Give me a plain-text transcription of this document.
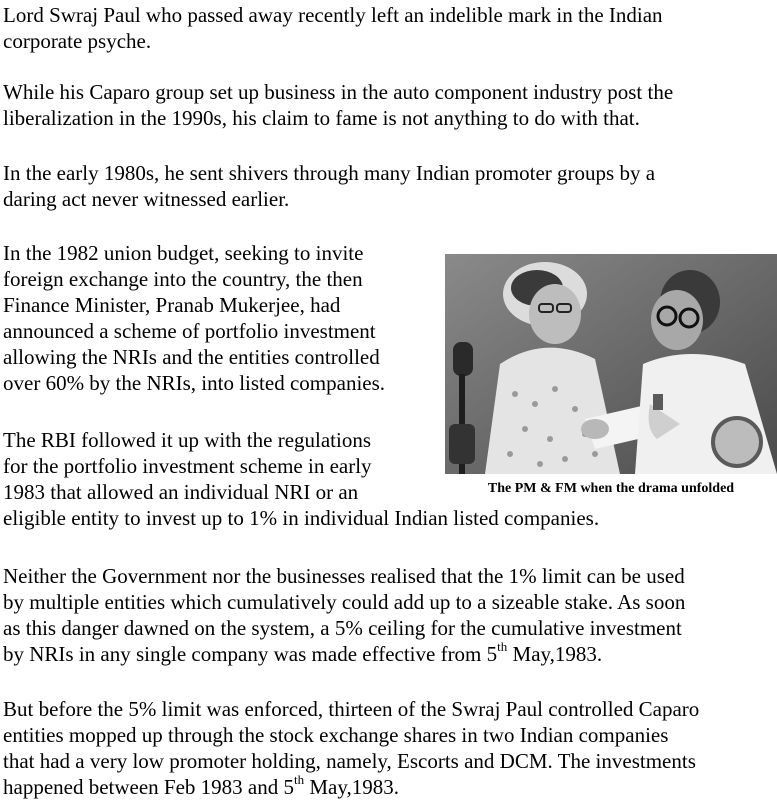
Lord Swraj Paul who passed away recently left an indelible mark in the Indian
corporate psyche.

While his Caparo group set up business in the auto component industry post the
liberalization in the 1990s, his claim to fame is not anything to do with that.

In the early 1980s, he sent shivers through many Indian promoter groups by a
daring act never witnessed earlier.

In the 1982 union budget, seeking to invite
foreign exchange into the country, the then
Finance Minister, Pranab Mukerjee, had
announced a scheme of portfolio investment
allowing the NRIs and the entities controlled
over 60% by the NRIs, into listed companies.

The RBI followed it up with the regulations
for the portfolio investment scheme in early
1983 that allowed an individual NRI or an
eligible entity to invest up to 1% in individual Indian listed companies.

Neither the Government nor the businesses realised that the 1% limit can be used
by multiple entities which cumulatively could add up to a sizeable stake. As soon
as this danger dawned on the system, a 5% ceiling for the cumulative investment
by NRIs in any single company was made effective from 5th May,1983.

But before the 5% limit was enforced, thirteen of the Swraj Paul controlled Caparo
entities mopped up through the stock exchange shares in two Indian companies
that had a very low promoter holding, namely, Escorts and DCM. The investments
happened between Feb 1983 and 5th May,1983.

The PM & FM when the drama unfolded
